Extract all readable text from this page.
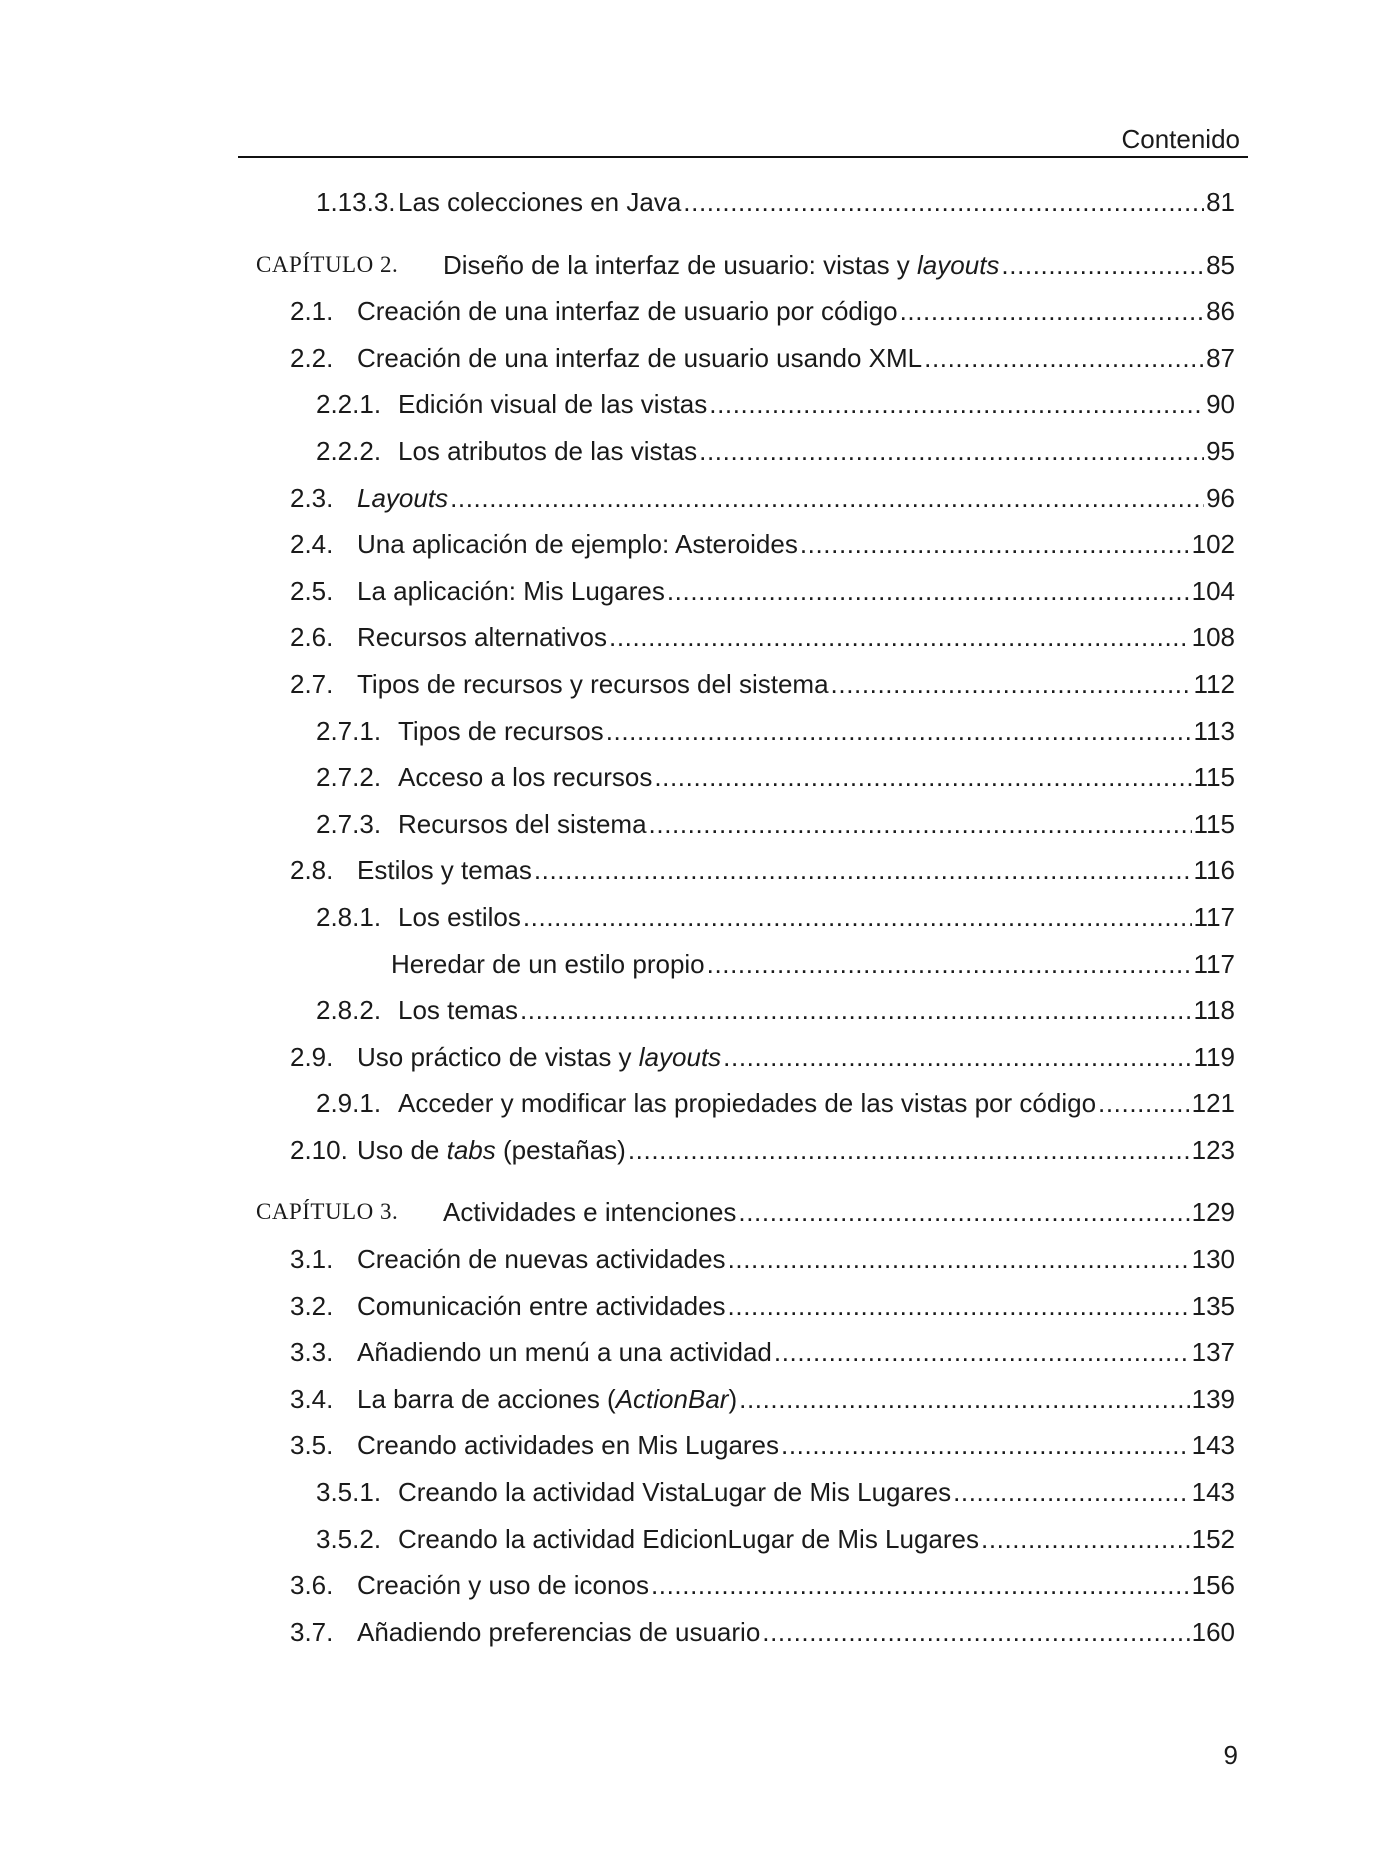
Contenido
1.13.3. Las colecciones en Java .....	81
CAPÍTULO 2. Diseño de la interfaz de usuario: vistas y layouts .....	85
2.1. Creación de una interfaz de usuario por código .....	86
2.2. Creación de una interfaz de usuario usando XML .....	87
2.2.1. Edición visual de las vistas .....	90
2.2.2. Los atributos de las vistas .....	95
2.3. Layouts .....	96
2.4. Una aplicación de ejemplo: Asteroides .....	102
2.5. La aplicación: Mis Lugares .....	104
2.6. Recursos alternativos .....	108
2.7. Tipos de recursos y recursos del sistema .....	112
2.7.1. Tipos de recursos .....	113
2.7.2. Acceso a los recursos .....	115
2.7.3. Recursos del sistema .....	115
2.8. Estilos y temas .....	116
2.8.1. Los estilos .....	117
Heredar de un estilo propio .....	117
2.8.2. Los temas .....	118
2.9. Uso práctico de vistas y layouts .....	119
2.9.1. Acceder y modificar las propiedades de las vistas por código .....	121
2.10. Uso de tabs (pestañas) .....	123
CAPÍTULO 3. Actividades e intenciones .....	129
3.1. Creación de nuevas actividades .....	130
3.2. Comunicación entre actividades .....	135
3.3. Añadiendo un menú a una actividad .....	137
3.4. La barra de acciones (ActionBar) .....	139
3.5. Creando actividades en Mis Lugares .....	143
3.5.1. Creando la actividad VistaLugar de Mis Lugares .....	143
3.5.2. Creando la actividad EdicionLugar de Mis Lugares .....	152
3.6. Creación y uso de iconos .....	156
3.7. Añadiendo preferencias de usuario .....	160
9
